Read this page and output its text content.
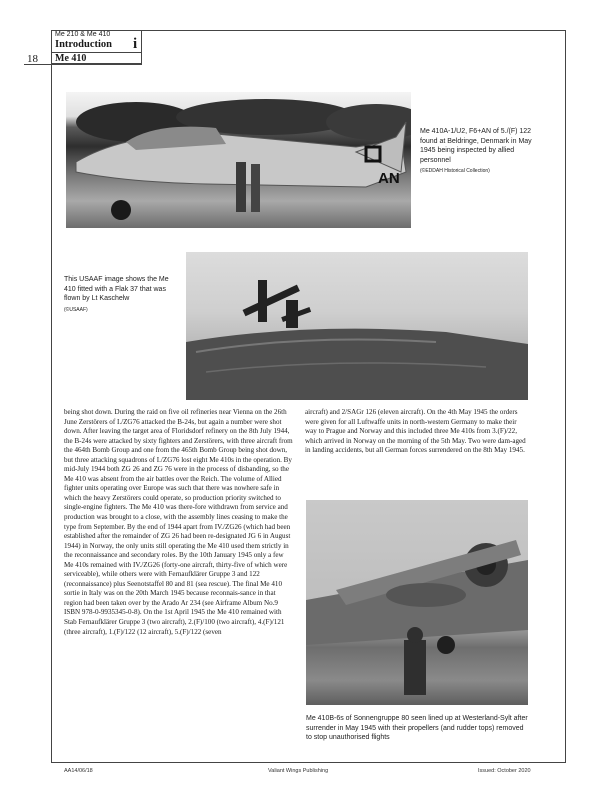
Me 210 & Me 410
Introduction i
Me 410
18
AN
Me 410A-1/U2, F6+AN of 5./(F) 122 found at Beldringe, Denmark in May 1945 being inspected by allied personnel
(©EDDAH Historical Collection)
This USAAF image shows the Me 410 fitted with a Flak 37 that was flown by Lt Kaschelw
(©USAAF)

being shot down. During the raid on five oil refineries near Vienna on the 26th June Zerstörers of I./ZG76 attacked the B-24s, but again a number were shot down. After leaving the target area of Floridsdorf refinery on the 8th July 1944, the B-24s were attacked by sixty fighters and Zerstörers, with three aircraft from the 464th Bomb Group and one from the 465th Bomb Group being shot down, but three attacking squadrons of I./ZG76 lost eight Me 410s in the operation. By mid-July 1944 both ZG 26 and ZG 76 were in the process of disbanding, so the Me 410 was absent from the air battles over the Reich. The volume of Allied fighter units operating over Europe was such that there was nowhere safe in which the heavy Zerstörers could operate, so production priority switched to single-engine fighters. The Me 410 was there-fore withdrawn from service and production was brought to a close, with the assembly lines ceasing to make the type from September. By the end of 1944 apart from IV./ZG26 (which had been established after the remainder of ZG 26 had been re-designated JG 6 in August 1944) in Norway, the only units still operating the Me 410 used them strictly in the reconnaissance and secondary roles. By the 10th January 1945 only a few Me 410s remained with IV./ZG26 (forty-one aircraft, thirty-five of which were serviceable), while others were with Fernaufklärer Gruppe 3 and 122 (reconnaissance) plus Seenotstaffel 80 and 81 (sea rescue). The final Me 410 sortie in Italy was on the 20th March 1945 because reconnais-sance in that region had been taken over by the Arado Ar 234 (see Airframe Album No.9 ISBN 978-0-9935345-0-8). On the 1st April 1945 the Me 410 remained with Stab Fernaufklärer Gruppe 3 (two aircraft), 2.(F)/100 (two aircraft), 4.(F)/121 (three aircraft), 1.(F)/122 (12 aircraft), 5.(F)/122 (seven

aircraft) and 2/SAGr 126 (eleven aircraft). On the 4th May 1945 the orders were given for all Luftwaffe units in north-western Germany to make their way to Prague and Norway and this included three Me 410s from 3.(F)/22, which arrived in Norway on the morning of the 5th May. Two were dam-aged in landing accidents, but all German forces surrendered on the 8th May 1945.

Me 410B-6s of Sonnengruppe 80 seen lined up at Westerland-Sylt after surrender in May 1945 with their propellers (and rudder tops) removed to stop unauthorised flights
AA14/06/18	Valiant Wings Publishing	Issued: October 2020
